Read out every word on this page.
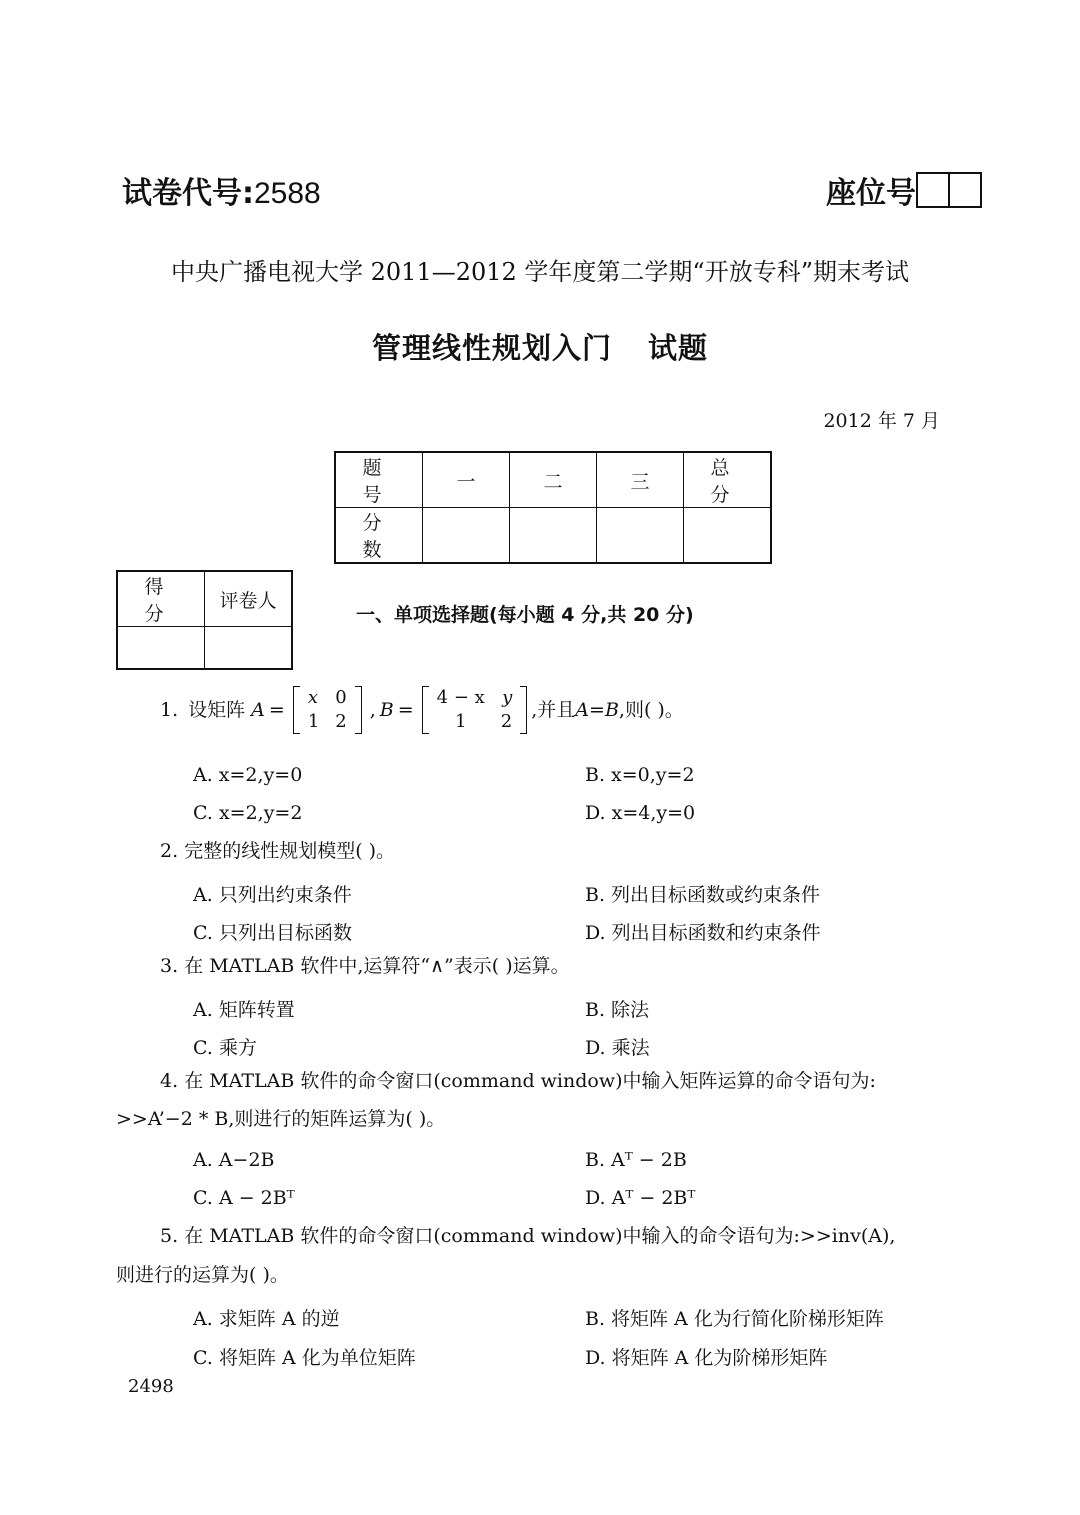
试卷代号:2588	座位号
中央广播电视大学 2011—2012 学年度第二学期“开放专科”期末考试
管理线性规划入门 试题
2012 年 7 月
题 号	一	二	三	总 分
分 数				
得 分	评卷人

一、单项选择题(每小题 4 分,共 20 分)
1. 设矩阵 A =
x	0
1	2
, B =
4 − x	y
1	2
,并且 A=B ,则( )。
A. x=2,y=0	B. x=0,y=2
C. x=2,y=2	D. x=4,y=0
2. 完整的线性规划模型( )。
A. 只列出约束条件	B. 列出目标函数或约束条件
C. 只列出目标函数	D. 列出目标函数和约束条件
3. 在 MATLAB 软件中,运算符“∧”表示( )运算。
A. 矩阵转置	B. 除法
C. 乘方	D. 乘法
4. 在 MATLAB 软件的命令窗口(command window)中输入矩阵运算的命令语句为:
>>A’−2 * B,则进行的矩阵运算为( )。
A. A−2B	B. Aᵀ − 2B
C. A − 2Bᵀ	D. Aᵀ − 2Bᵀ
5. 在 MATLAB 软件的命令窗口(command window)中输入的命令语句为:>>inv(A),
则进行的运算为( )。
A. 求矩阵 A 的逆	B. 将矩阵 A 化为行简化阶梯形矩阵
C. 将矩阵 A 化为单位矩阵	D. 将矩阵 A 化为阶梯形矩阵
2498
